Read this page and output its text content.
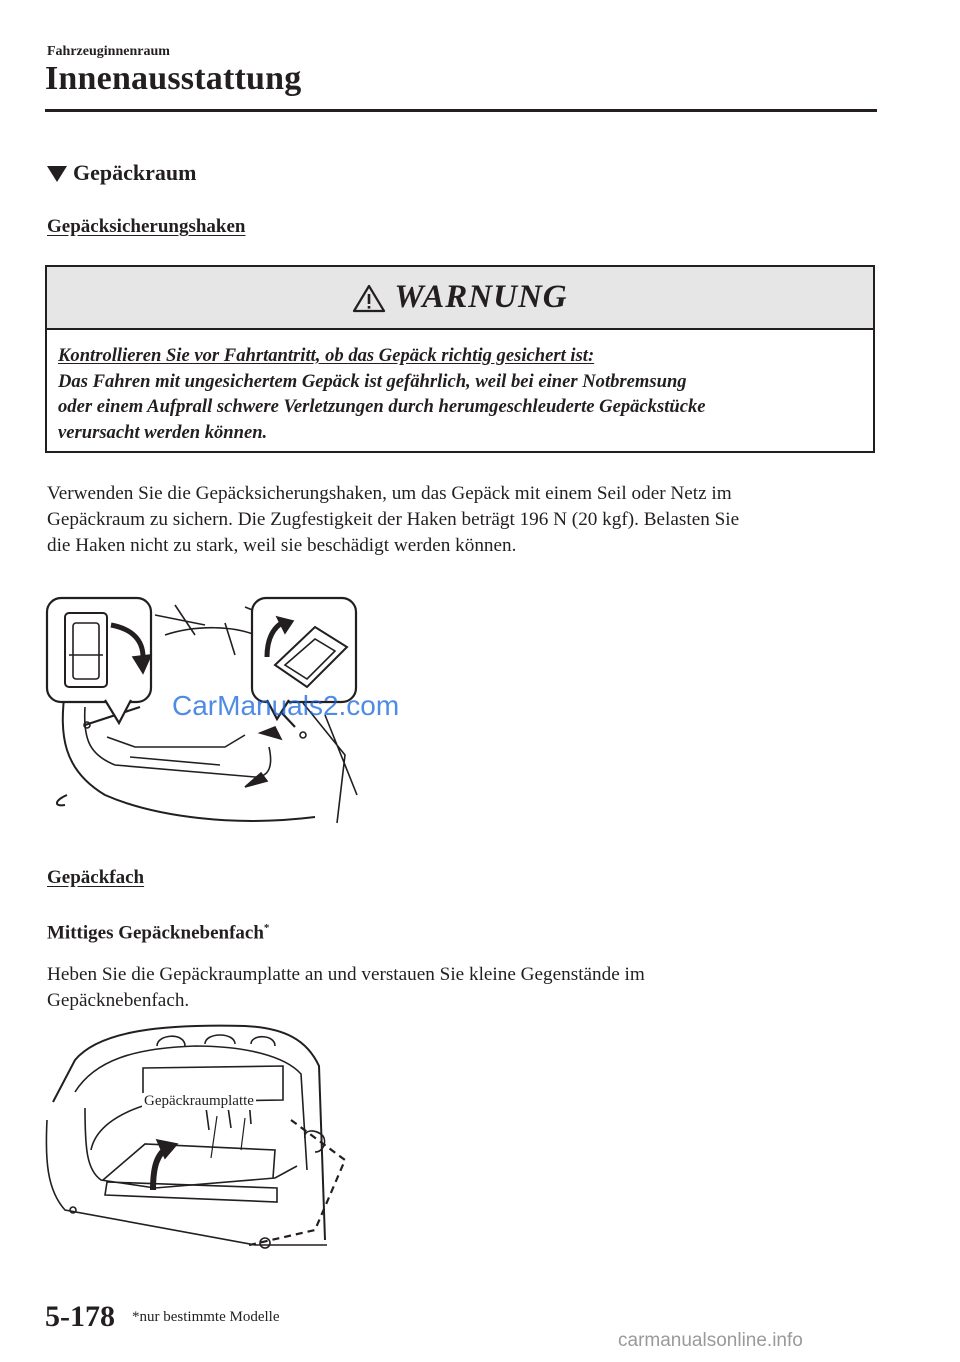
Fahrzeuginnenraum
Innenausstattung
Gepäckraum
Gepäcksicherungshaken
WARNUNG
Kontrollieren Sie vor Fahrtantritt, ob das Gepäck richtig gesichert ist:
Das Fahren mit ungesichertem Gepäck ist gefährlich, weil bei einer Notbremsung
oder einem Aufprall schwere Verletzungen durch herumgeschleuderte Gepäckstücke
verursacht werden können.
Verwenden Sie die Gepäcksicherungshaken, um das Gepäck mit einem Seil oder Netz im
Gepäckraum zu sichern. Die Zugfestigkeit der Haken beträgt 196 N (20 kgf). Belasten Sie
die Haken nicht zu stark, weil sie beschädigt werden können.
CarManuals2.com
Gepäckfach
Mittiges Gepäcknebenfach*
Heben Sie die Gepäckraumplatte an und verstauen Sie kleine Gegenstände im
Gepäcknebenfach.
Gepäckraumplatte
5-178 *nur bestimmte Modelle
carmanualsonline.info
